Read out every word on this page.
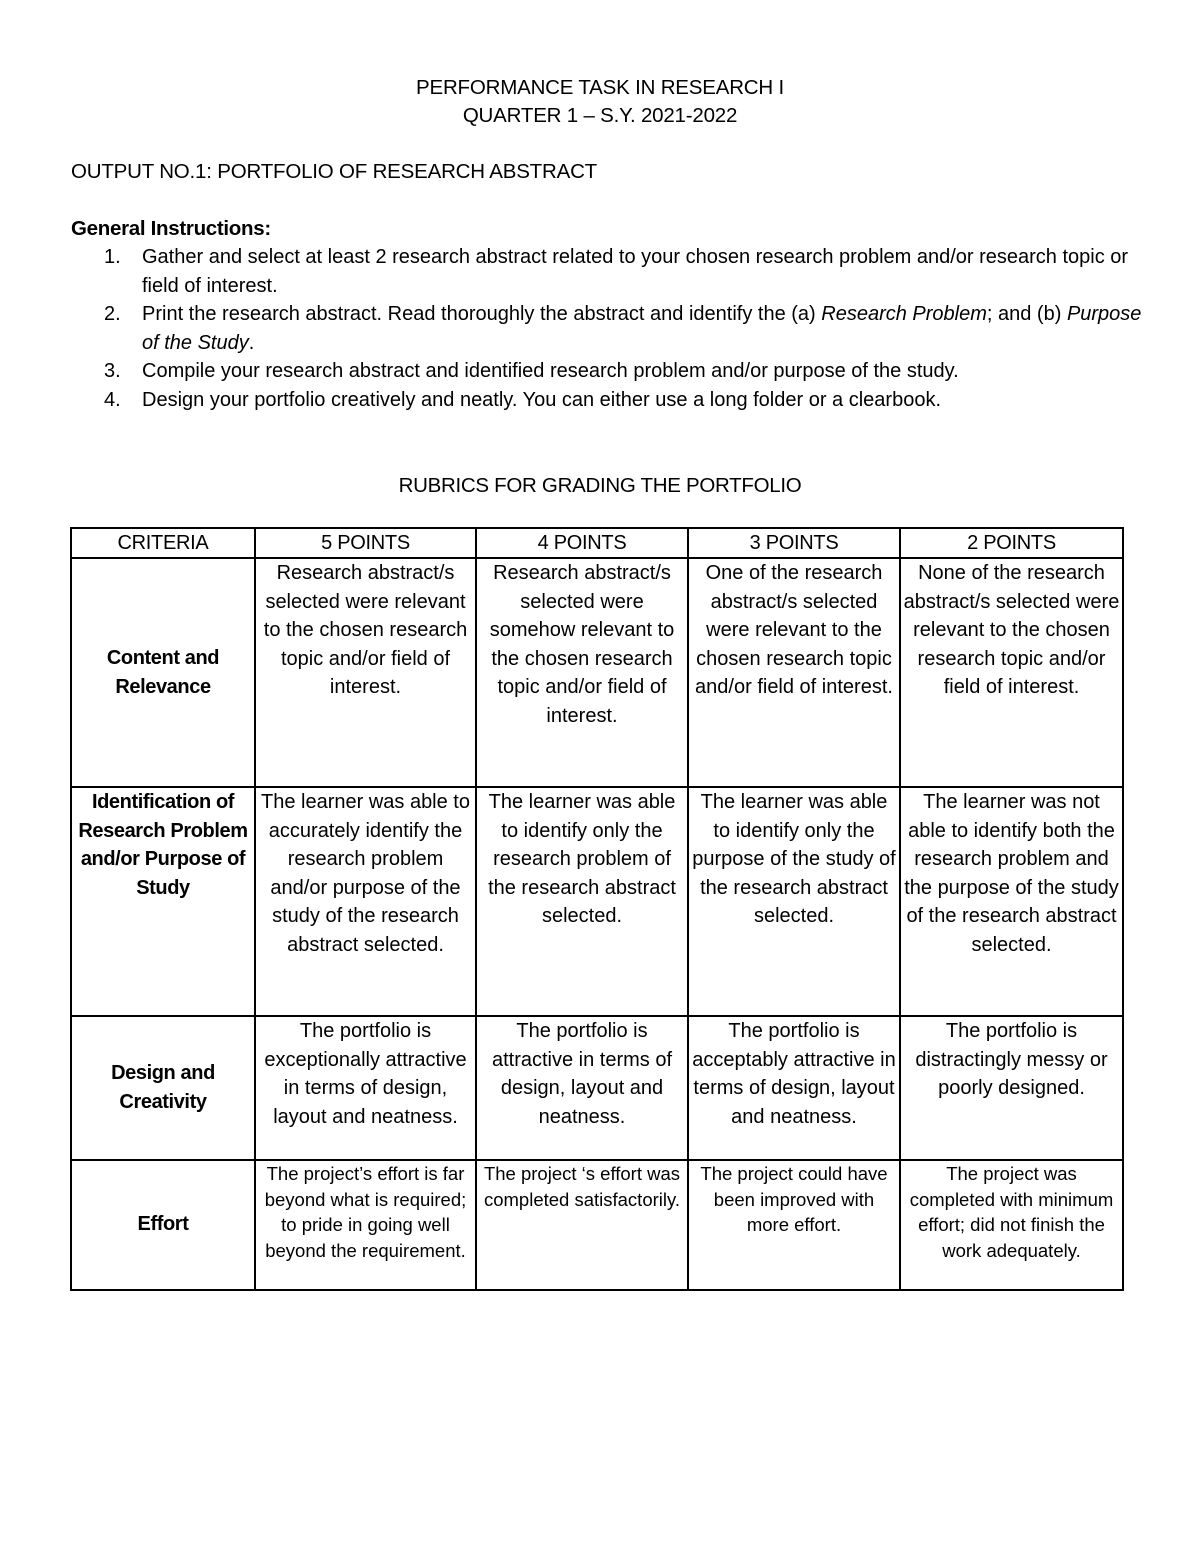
PERFORMANCE TASK IN RESEARCH I
QUARTER 1 – S.Y. 2021-2022
OUTPUT NO.1: PORTFOLIO OF RESEARCH ABSTRACT
General Instructions:
1. Gather and select at least 2 research abstract related to your chosen research problem and/or research topic or field of interest.
2. Print the research abstract. Read thoroughly the abstract and identify the (a) Research Problem; and (b) Purpose of the Study.
3. Compile your research abstract and identified research problem and/or purpose of the study.
4. Design your portfolio creatively and neatly. You can either use a long folder or a clearbook.
RUBRICS FOR GRADING THE PORTFOLIO
CRITERIA	5 POINTS	4 POINTS	3 POINTS	2 POINTS
Content and Relevance	Research abstract/s selected were relevant to the chosen research topic and/or field of interest.	Research abstract/s selected were somehow relevant to the chosen research topic and/or field of interest.	One of the research abstract/s selected were relevant to the chosen research topic and/or field of interest.	None of the research abstract/s selected were relevant to the chosen research topic and/or field of interest.
Identification of Research Problem and/or Purpose of Study	The learner was able to accurately identify the research problem and/or purpose of the study of the research abstract selected.	The learner was able to identify only the research problem of the research abstract selected.	The learner was able to identify only the purpose of the study of the research abstract selected.	The learner was not able to identify both the research problem and the purpose of the study of the research abstract selected.
Design and Creativity	The portfolio is exceptionally attractive in terms of design, layout and neatness.	The portfolio is attractive in terms of design, layout and neatness.	The portfolio is acceptably attractive in terms of design, layout and neatness.	The portfolio is distractingly messy or poorly designed.
Effort	The project’s effort is far beyond what is required; to pride in going well beyond the requirement.	The project ‘s effort was completed satisfactorily.	The project could have been improved with more effort.	The project was completed with minimum effort; did not finish the work adequately.
